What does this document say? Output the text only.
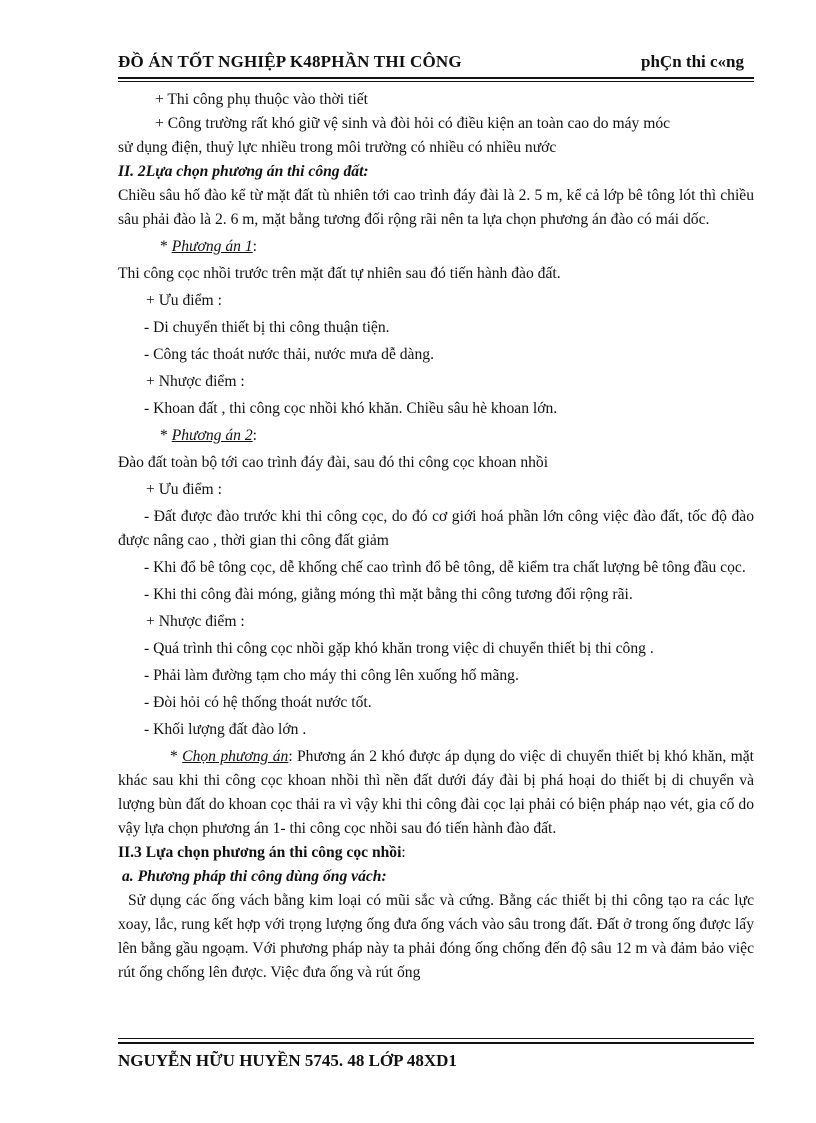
ĐỒ ÁN TỐT NGHIỆP K48PHẦN THI CÔNG	phÇn thi c«ng

+ Thi công phụ thuộc vào thời tiết

+ Công trường rất khó giữ vệ sinh và đòi hỏi có điều kiện an toàn cao do máy móc

sử dụng điện, thuỷ lực nhiều trong môi trường có nhiều có nhiều nước

II. 2Lựa chọn phương án thi công đất:

Chiều sâu hố đào kể từ mặt đất tù nhiên tới cao trình đáy đài là 2. 5 m, kể cả lớp bê tông lót thì chiều sâu phải đào là 2. 6 m, mặt bằng tương đối rộng rãi nên ta lựa chọn phương án đào có mái dốc.

* Phương án 1:

Thi công cọc nhồi trước trên mặt đất tự nhiên sau đó tiến hành đào đất.

+ Ưu điểm :

- Di chuyển thiết bị thi công thuận tiện.

- Công tác thoát nước thải, nước mưa dễ dàng.

+ Nhược điểm :

- Khoan đất , thi công cọc nhồi khó khăn. Chiều sâu hè khoan lớn.

* Phương án 2:

Đào đất toàn bộ tới cao trình đáy đài, sau đó thi công cọc khoan nhồi

+ Ưu điểm :

- Đất được đào trước khi thi công cọc, do đó cơ giới hoá phần lớn công việc đào đất, tốc độ đào được nâng cao , thời gian thi công đất giảm

- Khi đổ bê tông cọc, dễ khống chế cao trình đổ bê tông, dễ kiểm tra chất lượng bê tông đầu cọc.

- Khi thi công đài móng, giằng móng thì mặt bằng thi công tương đối rộng rãi.

+ Nhược điểm :

- Quá trình thi công cọc nhồi gặp khó khăn trong việc di chuyển thiết bị thi công .

- Phải làm đường tạm cho máy thi công lên xuống hố mãng.

- Đòi hỏi có hệ thống thoát nước tốt.

- Khối lượng đất đào lớn .

* Chọn phương án: Phương án 2 khó được áp dụng do việc di chuyển thiết bị khó khăn, mặt khác sau khi thi công cọc khoan nhồi thì nền đất dưới đáy đài bị phá hoại do thiết bị di chuyển và lượng bùn đất do khoan cọc thải ra vì vậy khi thi công đài cọc lại phải có biện pháp nạo vét, gia cố do vậy lựa chọn phương án 1- thi công cọc nhồi sau đó tiến hành đào đất.

II.3 Lựa chọn phương án thi công cọc nhồi:

a. Phương pháp thi công dùng ống vách:

Sử dụng các ống vách bằng kim loại có mũi sắc và cứng. Bằng các thiết bị thi công tạo ra các lực xoay, lắc, rung kết hợp với trọng lượng ống đưa ống vách vào sâu trong đất. Đất ở trong ống được lấy lên bằng gầu ngoạm. Với phương pháp này ta phải đóng ống chống đến độ sâu 12 m và đảm bảo việc rút ống chống lên được. Việc đưa ống và rút ống

NGUYỄN HỮU HUYỀN 5745. 48 LỚP 48XD1
